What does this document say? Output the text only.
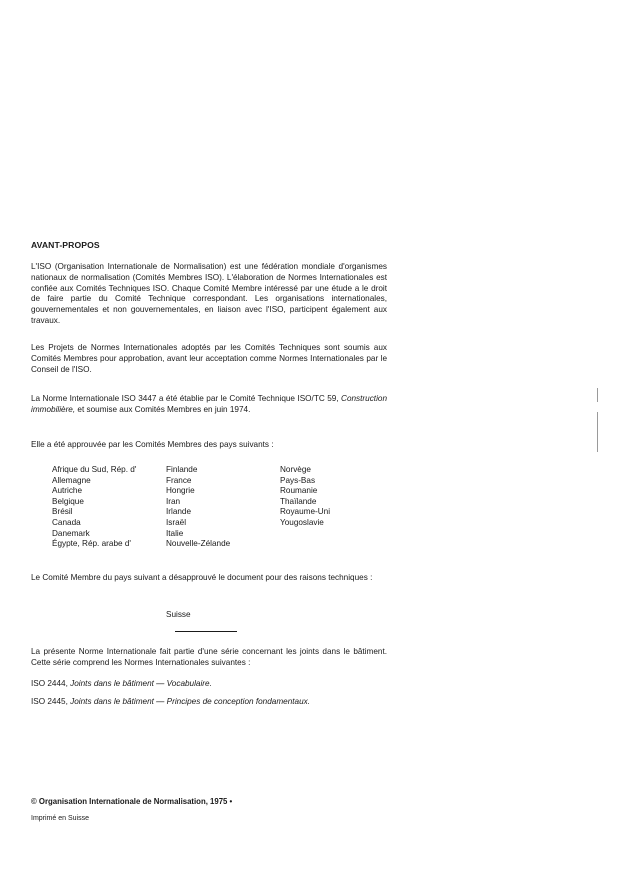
AVANT-PROPOS
L'ISO (Organisation Internationale de Normalisation) est une fédération mondiale d'organismes nationaux de normalisation (Comités Membres ISO). L'élaboration de Normes Internationales est confiée aux Comités Techniques ISO. Chaque Comité Membre intéressé par une étude a le droit de faire partie du Comité Technique correspondant. Les organisations internationales, gouvernementales et non gouvernementales, en liaison avec l'ISO, participent également aux travaux.
Les Projets de Normes Internationales adoptés par les Comités Techniques sont soumis aux Comités Membres pour approbation, avant leur acceptation comme Normes Internationales par le Conseil de l'ISO.
La Norme Internationale ISO 3447 a été établie par le Comité Technique ISO/TC 59, Construction immobilière, et soumise aux Comités Membres en juin 1974.
Elle a été approuvée par les Comités Membres des pays suivants :
Afrique du Sud, Rép. d'
Allemagne
Autriche
Belgique
Brésil
Canada
Danemark
Égypte, Rép. arabe d'
Finlande
France
Hongrie
Iran
Irlande
Israël
Italie
Nouvelle-Zélande
Norvège
Pays-Bas
Roumanie
Thaïlande
Royaume-Uni
Yougoslavie
Le Comité Membre du pays suivant a désapprouvé le document pour des raisons techniques :
Suisse
La présente Norme Internationale fait partie d'une série concernant les joints dans le bâtiment. Cette série comprend les Normes Internationales suivantes :
ISO 2444, Joints dans le bâtiment — Vocabulaire.
ISO 2445, Joints dans le bâtiment — Principes de conception fondamentaux.
© Organisation Internationale de Normalisation, 1975 •
Imprimé en Suisse
